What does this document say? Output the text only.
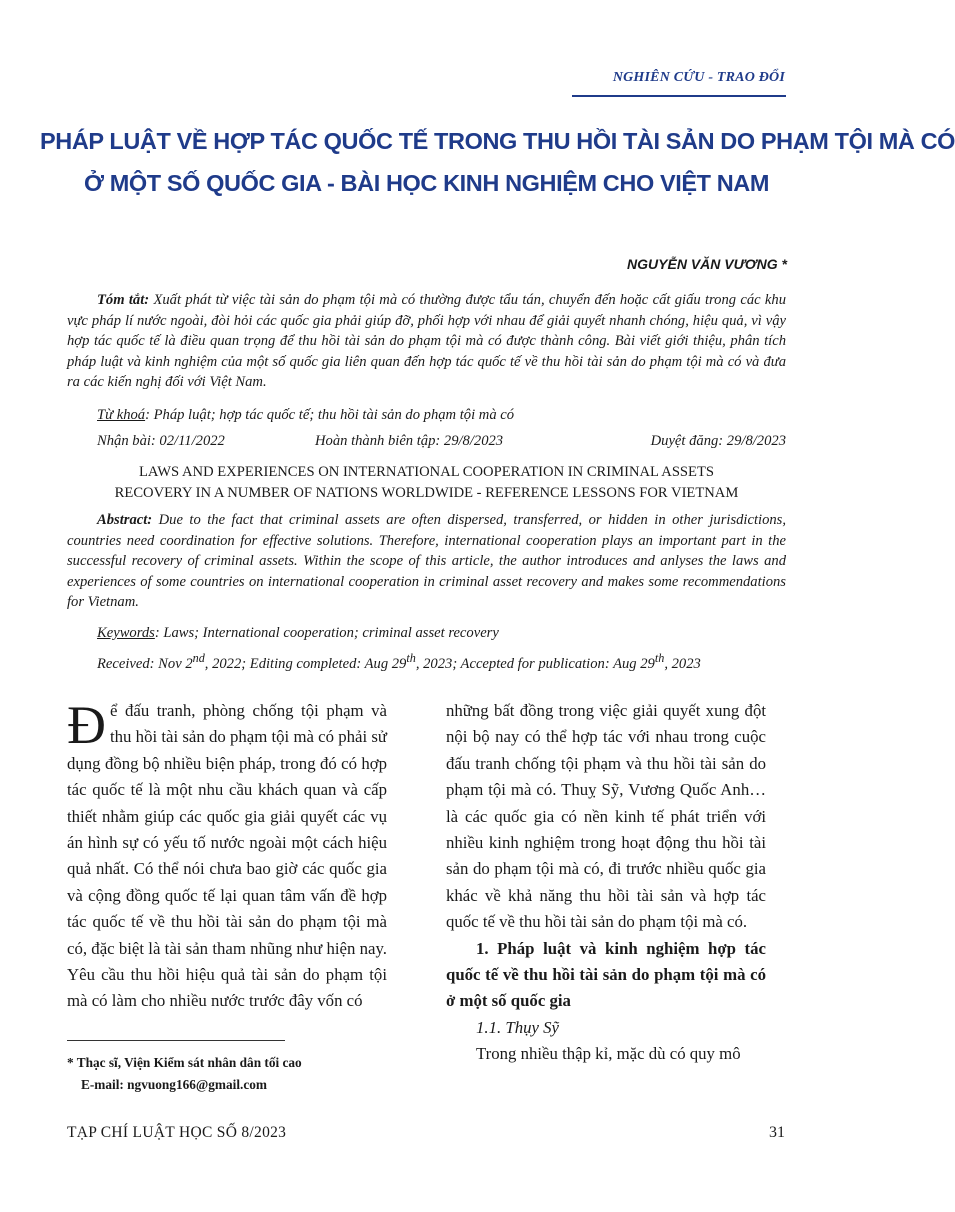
NGHIÊN CỨU - TRAO ĐỔI
PHÁP LUẬT VỀ HỢP TÁC QUỐC TẾ TRONG THU HỒI TÀI SẢN DO PHẠM TỘI MÀ CÓ
Ở MỘT SỐ QUỐC GIA - BÀI HỌC KINH NGHIỆM CHO VIỆT NAM
NGUYỄN VĂN VƯƠNG *
Tóm tắt: Xuất phát từ việc tài sản do phạm tội mà có thường được tẩu tán, chuyển đến hoặc cất giấu trong các khu vực pháp lí nước ngoài, đòi hỏi các quốc gia phải giúp đỡ, phối hợp với nhau để giải quyết nhanh chóng, hiệu quả, vì vậy hợp tác quốc tế là điều quan trọng để thu hồi tài sản do phạm tội mà có được thành công. Bài viết giới thiệu, phân tích pháp luật và kinh nghiệm của một số quốc gia liên quan đến hợp tác quốc tế về thu hồi tài sản do phạm tội mà có và đưa ra các kiến nghị đối với Việt Nam.
Từ khoá: Pháp luật; hợp tác quốc tế; thu hồi tài sản do phạm tội mà có
Nhận bài: 02/11/2022	Hoàn thành biên tập: 29/8/2023	Duyệt đăng: 29/8/2023
LAWS AND EXPERIENCES ON INTERNATIONAL COOPERATION IN CRIMINAL ASSETS
RECOVERY IN A NUMBER OF NATIONS WORLDWIDE - REFERENCE LESSONS FOR VIETNAM
Abstract: Due to the fact that criminal assets are often dispersed, transferred, or hidden in other jurisdictions, countries need coordination for effective solutions. Therefore, international cooperation plays an important part in the successful recovery of criminal assets. Within the scope of this article, the author introduces and anlyses the laws and experiences of some countries on international cooperation in criminal asset recovery and makes some recommendations for Vietnam.
Keywords: Laws; International cooperation; criminal asset recovery
Received: Nov 2nd, 2022; Editing completed: Aug 29th, 2023; Accepted for publication: Aug 29th, 2023
Để đấu tranh, phòng chống tội phạm và thu hồi tài sản do phạm tội mà có phải sử dụng đồng bộ nhiều biện pháp, trong đó có hợp tác quốc tế là một nhu cầu khách quan và cấp thiết nhằm giúp các quốc gia giải quyết các vụ án hình sự có yếu tố nước ngoài một cách hiệu quả nhất. Có thể nói chưa bao giờ các quốc gia và cộng đồng quốc tế lại quan tâm vấn đề hợp tác quốc tế về thu hồi tài sản do phạm tội mà có, đặc biệt là tài sản tham nhũng như hiện nay. Yêu cầu thu hồi hiệu quả tài sản do phạm tội mà có làm cho nhiều nước trước đây vốn có

những bất đồng trong việc giải quyết xung đột nội bộ nay có thể hợp tác với nhau trong cuộc đấu tranh chống tội phạm và thu hồi tài sản do phạm tội mà có. Thuỵ Sỹ, Vương Quốc Anh… là các quốc gia có nền kinh tế phát triển với nhiều kinh nghiệm trong hoạt động thu hồi tài sản do phạm tội mà có, đi trước nhiều quốc gia khác về khả năng thu hồi tài sản và hợp tác quốc tế về thu hồi tài sản do phạm tội mà có.

1. Pháp luật và kinh nghiệm hợp tác quốc tế về thu hồi tài sản do phạm tội mà có ở một số quốc gia

1.1. Thụy Sỹ

Trong nhiều thập kỉ, mặc dù có quy mô

* Thạc sĩ, Viện Kiểm sát nhân dân tối cao
E-mail: ngvuong166@gmail.com
TẠP CHÍ LUẬT HỌC SỐ 8/2023	31
